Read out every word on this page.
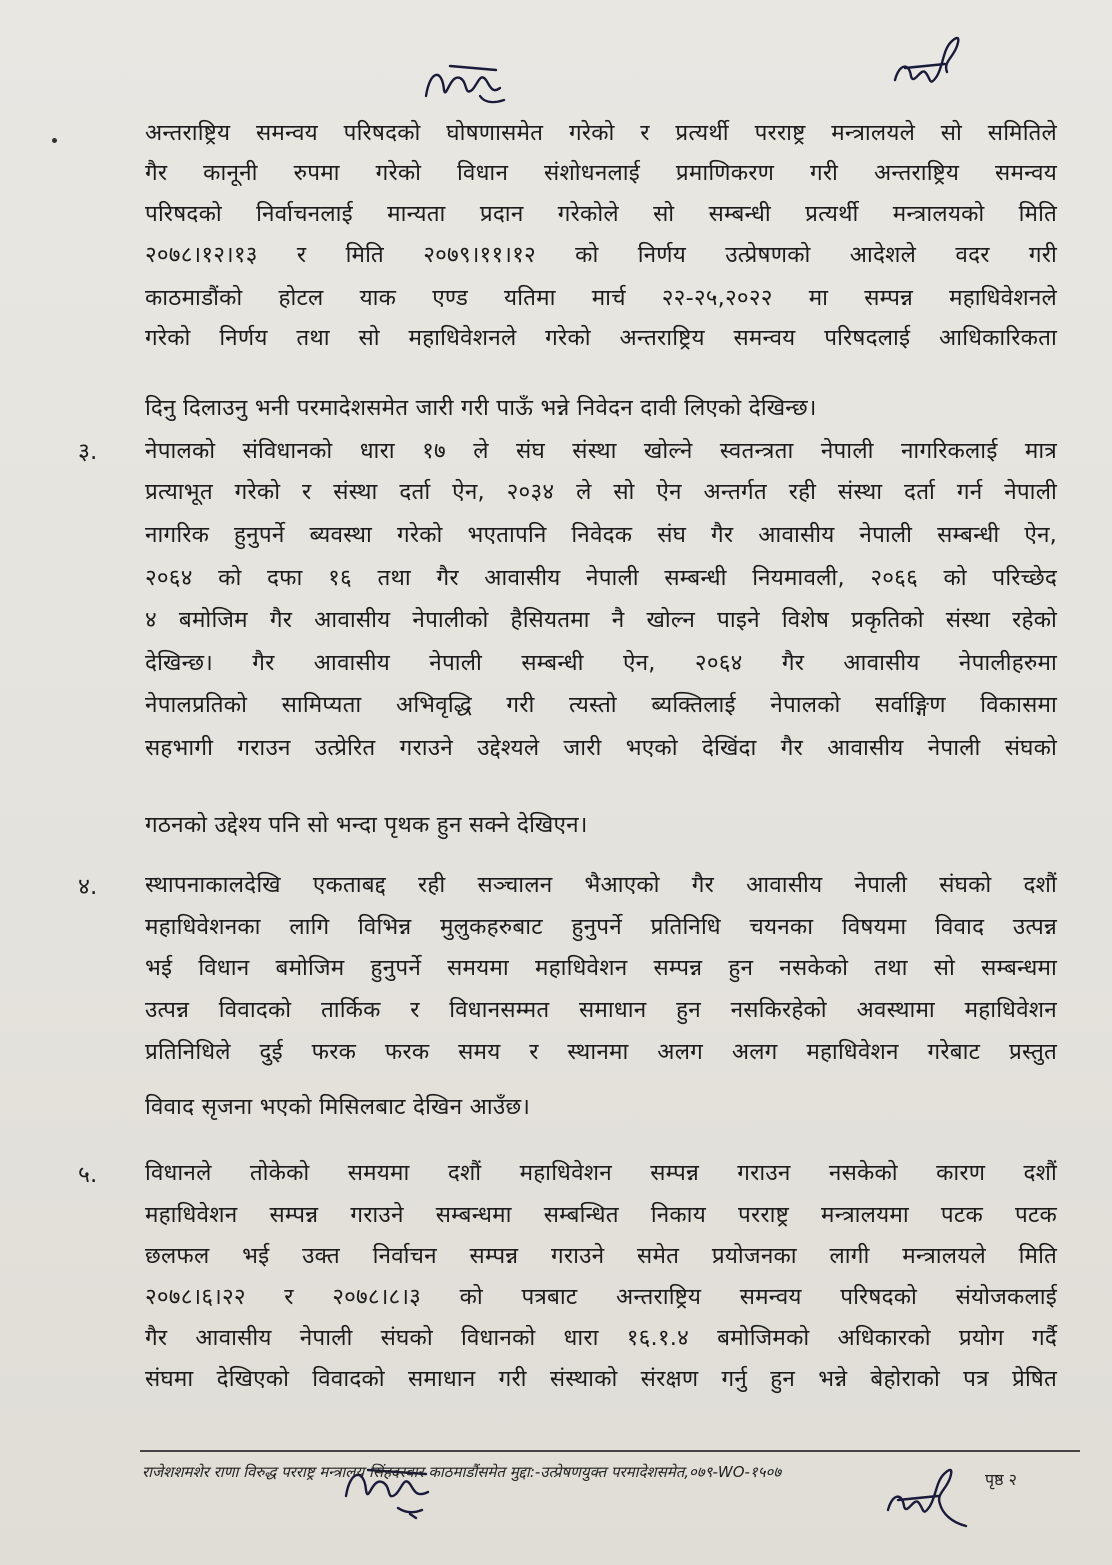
अन्तराष्ट्रिय समन्वय परिषदको घोषणासमेत गरेको र प्रत्यर्थी परराष्ट्र मन्त्रालयले सो समितिले
गैर कानूनी रुपमा गरेको विधान संशोधनलाई प्रमाणिकरण गरी अन्तराष्ट्रिय समन्वय
परिषदको निर्वाचनलाई मान्यता प्रदान गरेकोले सो सम्बन्धी प्रत्यर्थी मन्त्रालयको मिति
२०७८।१२।१३ र मिति २०७९।११।१२ को निर्णय उत्प्रेषणको आदेशले वदर गरी
काठमाडौंको होटल याक एण्ड यतिमा मार्च २२-२५,२०२२ मा सम्पन्न महाधिवेशनले
गरेको निर्णय तथा सो महाधिवेशनले गरेको अन्तराष्ट्रिय समन्वय परिषदलाई आधिकारिकता
दिनु दिलाउनु भनी परमादेशसमेत जारी गरी पाऊँ भन्ने निवेदन दावी लिएको देखिन्छ।
३. नेपालको संविधानको धारा १७ ले संघ संस्था खोल्ने स्वतन्त्रता नेपाली नागरिकलाई मात्र
प्रत्याभूत गरेको र संस्था दर्ता ऐन, २०३४ ले सो ऐन अन्तर्गत रही संस्था दर्ता गर्न नेपाली
नागरिक हुनुपर्ने ब्यवस्था गरेको भएतापनि निवेदक संघ गैर आवासीय नेपाली सम्बन्धी ऐन,
२०६४ को दफा १६ तथा गैर आवासीय नेपाली सम्बन्धी नियमावली, २०६६ को परिच्छेद
४ बमोजिम गैर आवासीय नेपालीको हैसियतमा नै खोल्न पाइने विशेष प्रकृतिको संस्था रहेको
देखिन्छ। गैर आवासीय नेपाली सम्बन्धी ऐन, २०६४ गैर आवासीय नेपालीहरुमा
नेपालप्रतिको सामिप्यता अभिवृद्धि गरी त्यस्तो ब्यक्तिलाई नेपालको सर्वाङ्गिण विकासमा
सहभागी गराउन उत्प्रेरित गराउने उद्देश्यले जारी भएको देखिंदा गैर आवासीय नेपाली संघको
गठनको उद्देश्य पनि सो भन्दा पृथक हुन सक्ने देखिएन।
४. स्थापनाकालदेखि एकताबद्द रही सञ्चालन भैआएको गैर आवासीय नेपाली संघको दशौं
महाधिवेशनका लागि विभिन्न मुलुकहरुबाट हुनुपर्ने प्रतिनिधि चयनका विषयमा विवाद उत्पन्न
भई विधान बमोजिम हुनुपर्ने समयमा महाधिवेशन सम्पन्न हुन नसकेको तथा सो सम्बन्धमा
उत्पन्न विवादको तार्किक र विधानसम्मत समाधान हुन नसकिरहेको अवस्थामा महाधिवेशन
प्रतिनिधिले दुई फरक फरक समय र स्थानमा अलग अलग महाधिवेशन गरेबाट प्रस्तुत
विवाद सृजना भएको मिसिलबाट देखिन आउँछ।
५. विधानले तोकेको समयमा दशौं महाधिवेशन सम्पन्न गराउन नसकेको कारण दशौं
महाधिवेशन सम्पन्न गराउने सम्बन्धमा सम्बन्धित निकाय परराष्ट्र मन्त्रालयमा पटक पटक
छलफल भई उक्त निर्वाचन सम्पन्न गराउने समेत प्रयोजनका लागी मन्त्रालयले मिति
२०७८।६।२२ र २०७८।८।३ को पत्रबाट अन्तराष्ट्रिय समन्वय परिषदको संयोजकलाई
गैर आवासीय नेपाली संघको विधानको धारा १६.१.४ बमोजिमको अधिकारको प्रयोग गर्दै
संघमा देखिएको विवादको समाधान गरी संस्थाको संरक्षण गर्नु हुन भन्ने बेहोराको पत्र प्रेषित
राजेशशमशेर राणा विरुद्ध परराष्ट्र मन्त्रालय सिंहदरबार काठमाडौंसमेत मुद्दा:-उत्प्रेषणयुक्त परमादेशसमेत,०७९-WO-१५०७	पृष्ठ २
